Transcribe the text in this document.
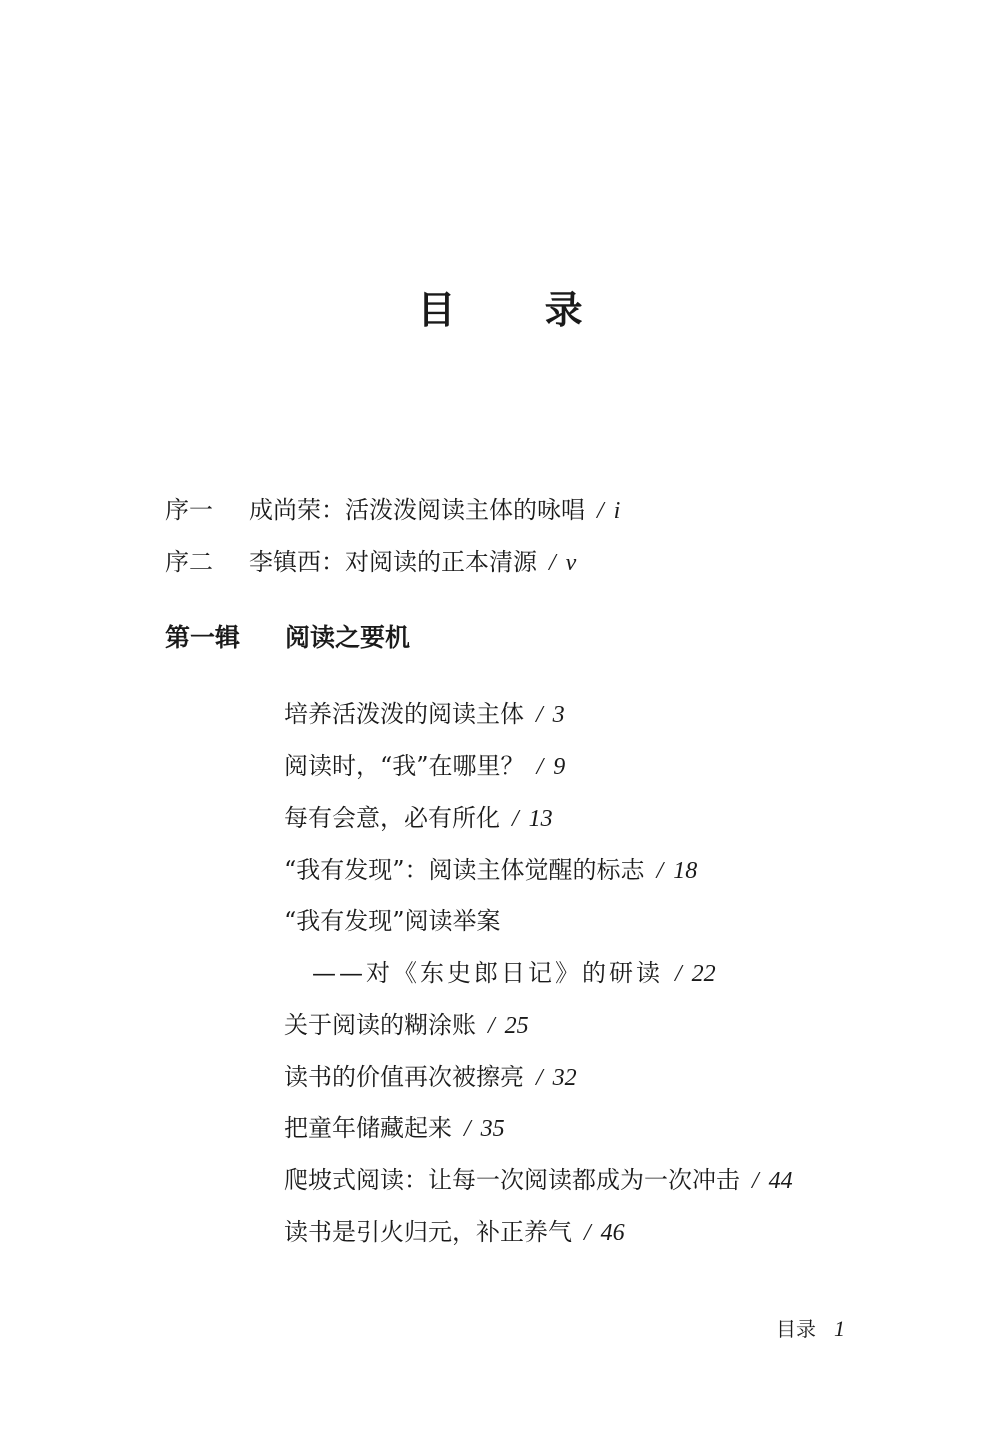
目 录
序一 成尚荣：活泼泼阅读主体的咏唱 / i
序二 李镇西：对阅读的正本清源 / v
第一辑 阅读之要机
培养活泼泼的阅读主体 / 3
阅读时，“我”在哪里？ / 9
每有会意，必有所化 / 13
“我有发现”：阅读主体觉醒的标志 / 18
“我有发现”阅读举案
——对《东史郎日记》的研读 / 22
关于阅读的糊涂账 / 25
读书的价值再次被擦亮 / 32
把童年储藏起来 / 35
爬坡式阅读：让每一次阅读都成为一次冲击 / 44
读书是引火归元，补正养气 / 46
目录 1
